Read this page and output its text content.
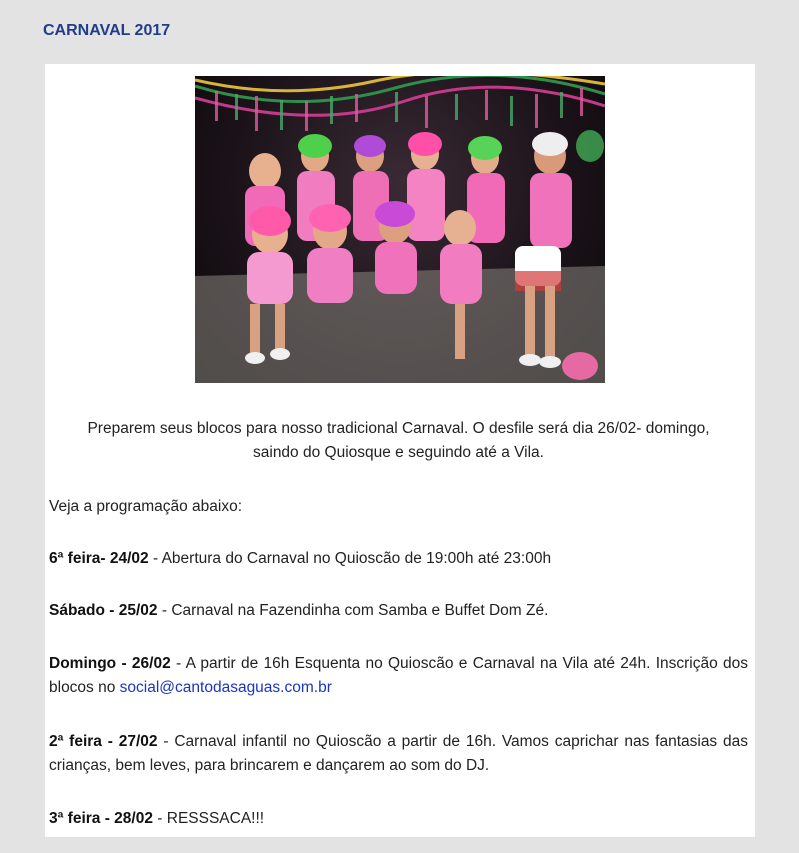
CARNAVAL 2017

Preparem seus blocos para nosso tradicional Carnaval. O desfile será dia 26/02- domingo,
saindo do Quiosque e seguindo até a Vila.

Veja a programação abaixo:

6ª feira- 24/02 - Abertura do Carnaval no Quioscão de 19:00h até 23:00h

Sábado - 25/02 - Carnaval na Fazendinha com Samba e Buffet Dom Zé.

Domingo - 26/02 - A partir de 16h Esquenta no Quioscão e Carnaval na Vila até 24h. Inscrição dos blocos no social@cantodasaguas.com.br

2ª feira - 27/02 - Carnaval infantil no Quioscão a partir de 16h. Vamos caprichar nas fantasias das crianças, bem leves, para brincarem e dançarem ao som do DJ.

3ª feira - 28/02 - RESSSACA!!!
